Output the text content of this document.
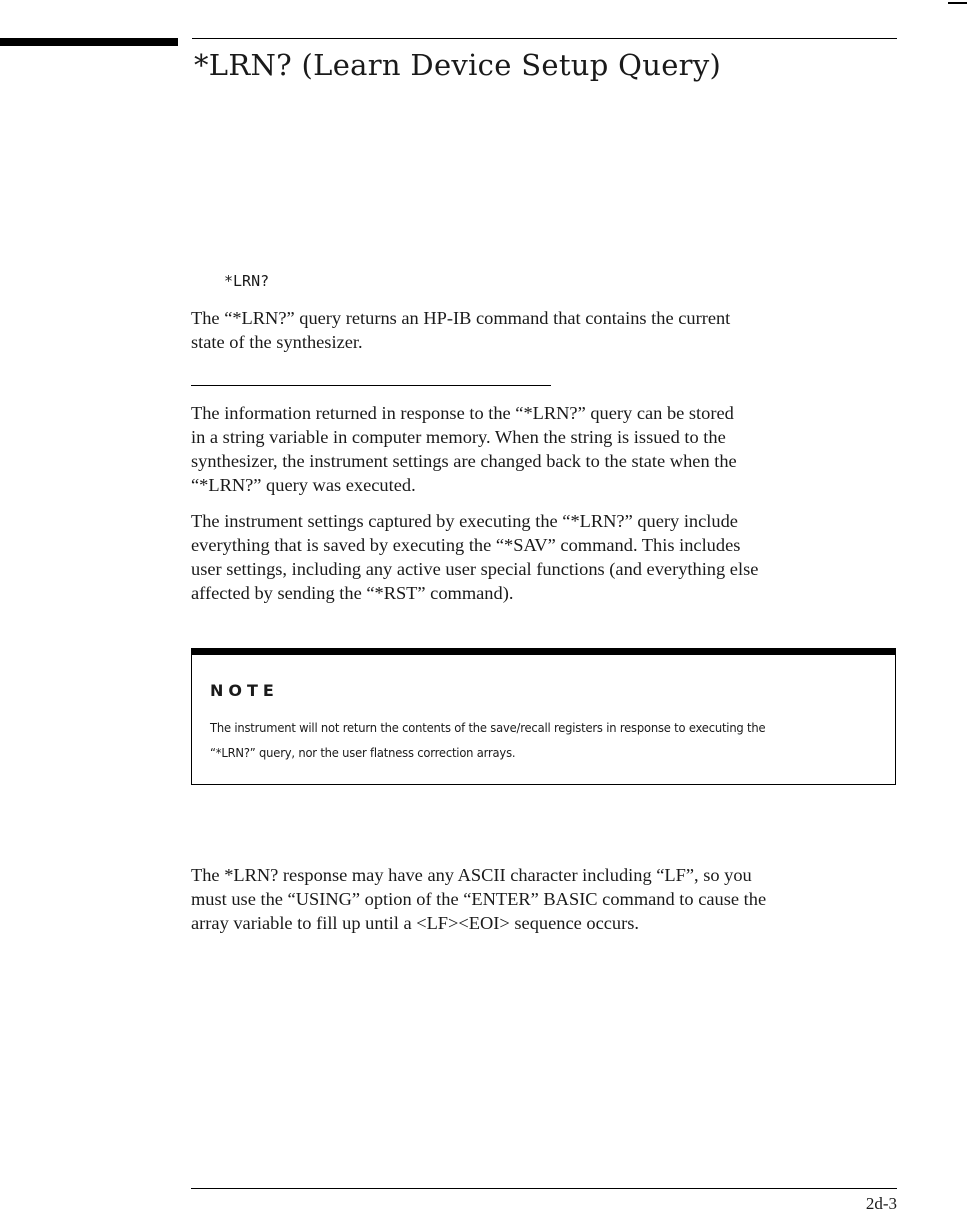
*LRN? (Learn Device Setup Query)

*LRN?

The “*LRN?” query returns an HP-IB command that contains the current
state of the synthesizer.
The information returned in response to the “*LRN?” query can be stored
in a string variable in computer memory. When the string is issued to the
synthesizer, the instrument settings are changed back to the state when the
“*LRN?” query was executed.
The instrument settings captured by executing the “*LRN?” query include
everything that is saved by executing the “*SAV” command. This includes
user settings, including any active user special functions (and everything else
affected by sending the “*RST” command).

NOTE

The instrument will not return the contents of the save/recall registers in response to executing the
“*LRN?” query, nor the user flatness correction arrays.
The *LRN? response may have any ASCII character including “LF”, so you
must use the “USING” option of the “ENTER” BASIC command to cause the
array variable to fill up until a <LF><EOI> sequence occurs.

2d-3
